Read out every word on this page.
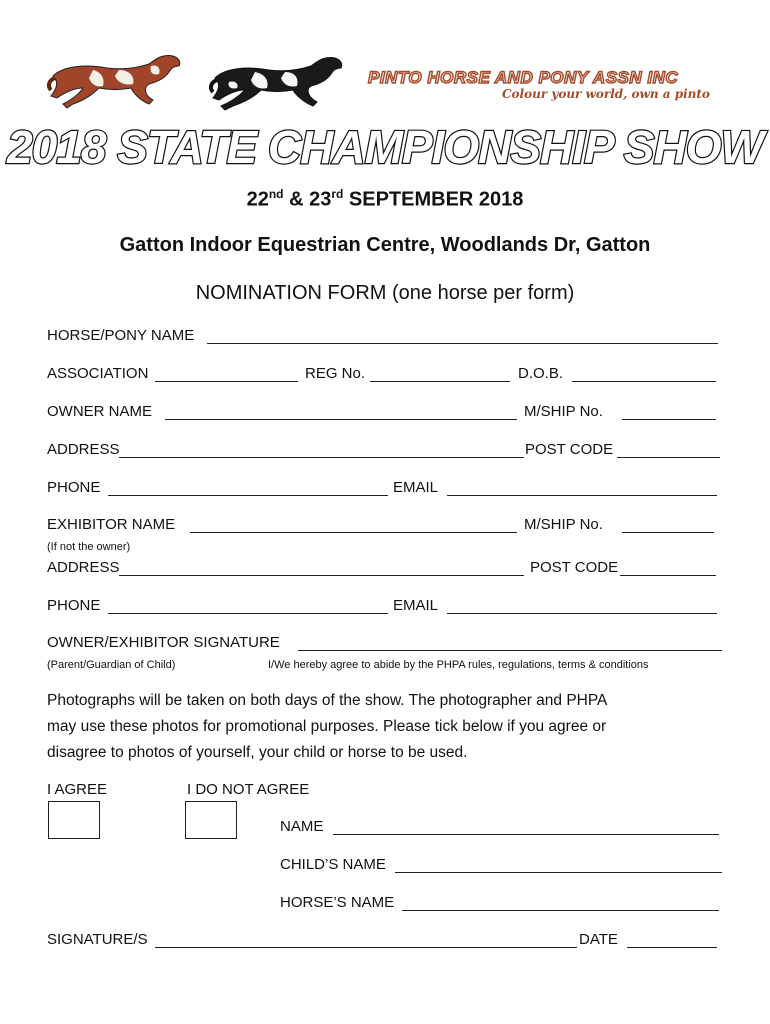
PINTO HORSE AND PONY ASSN INC
Colour your world, own a pinto
2018 STATE CHAMPIONSHIP SHOW
22nd & 23rd SEPTEMBER 2018
Gatton Indoor Equestrian Centre, Woodlands Dr, Gatton
NOMINATION FORM (one horse per form)
HORSE/PONY NAME
ASSOCIATION	REG No.	D.O.B.
OWNER NAME	M/SHIP No.
ADDRESS	POST CODE
PHONE	EMAIL
EXHIBITOR NAME	M/SHIP No.
(If not the owner)
ADDRESS	POST CODE
PHONE	EMAIL
OWNER/EXHIBITOR SIGNATURE
(Parent/Guardian of Child)	I/We hereby agree to abide by the PHPA rules, regulations, terms & conditions
Photographs will be taken on both days of the show. The photographer and PHPA
may use these photos for promotional purposes. Please tick below if you agree or
disagree to photos of yourself, your child or horse to be used.
I AGREE	I DO NOT AGREE
NAME
CHILD’S NAME
HORSE’S NAME
SIGNATURE/S	DATE
